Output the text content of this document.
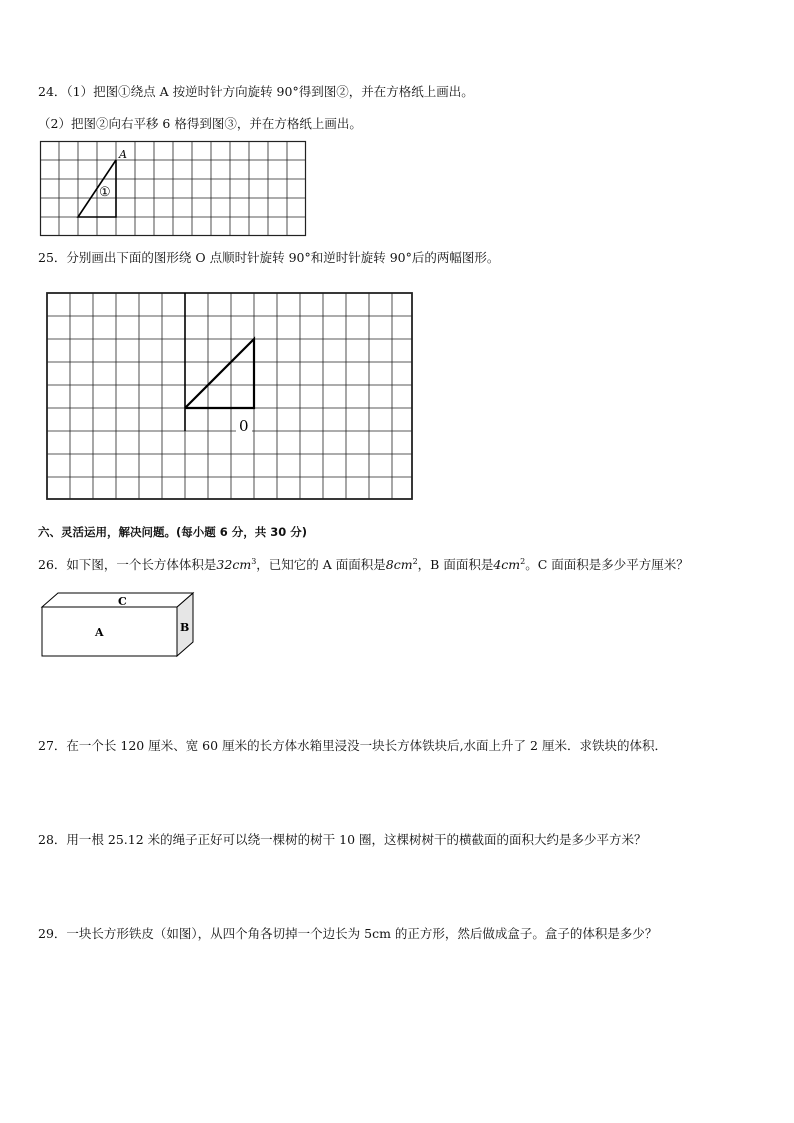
24．（1）把图①绕点 A 按逆时针方向旋转 90°得到图②，并在方格纸上画出。
（2）把图②向右平移 6 格得到图③，并在方格纸上画出。
A
①
25．分别画出下面的图形绕 O 点顺时针旋转 90°和逆时针旋转 90°后的两幅图形。
0
六、灵活运用，解决问题。(每小题 6 分，共 30 分)
26．如下图，一个长方体体积是$32cm^3$，已知它的 A 面面积是$8cm^2$，B 面面积是$4cm^2$。C 面面积是多少平方厘米？
C
A	B
27．在一个长 120 厘米、宽 60 厘米的长方体水箱里浸没一块长方体铁块后,水面上升了 2 厘米．求铁块的体积．
28．用一根 25.12 米的绳子正好可以绕一棵树的树干 10 圈，这棵树树干的横截面的面积大约是多少平方米？
29．一块长方形铁皮（如图），从四个角各切掉一个边长为 5cm 的正方形，然后做成盒子。盒子的体积是多少？
